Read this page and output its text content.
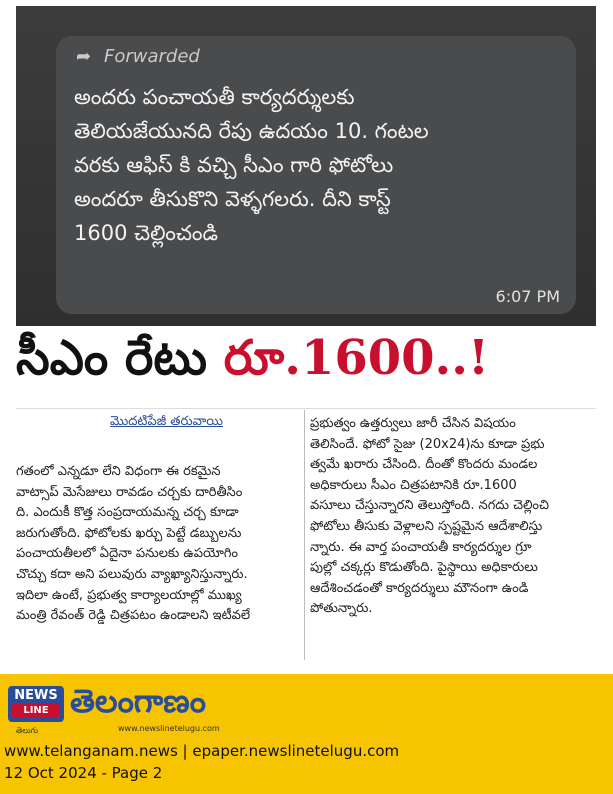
➦ Forwarded
అందరు పంచాయతీ కార్యదర్శులకు
తెలియజేయునది రేపు ఉదయం 10. గంటల
వరకు ఆఫిస్ కి వచ్చి సీఎం గారి ఫోటోలు
అందరూ తీసుకొని వెళ్ళగలరు. దీని కాస్ట్
1600 చెల్లించండి
6:07 PM
సీఎం రేటు రూ.1600..!
మొదటిపేజీ తరువాయి
గతంలో ఎన్నడూ లేని విధంగా ఈ రకమైన
వాట్సాప్ మెసేజులు రావడం చర్చకు దారితీసిం
ది. ఎందుకీ కొత్త సంప్రదాయమన్న చర్చ కూడా
జరుగుతోంది. ఫోటోలకు ఖర్చు పెట్టే డబ్బులను
పంచాయతీలలో ఏదైనా పనులకు ఉపయోగిం
చొచ్చు కదా అని పలువురు వ్యాఖ్యానిస్తున్నారు.
ఇదిలా ఉంటే, ప్రభుత్వ కార్యాలయాల్లో ముఖ్య
మంత్రి రేవంత్ రెడ్డి చిత్రపటం ఉండాలని ఇటీవలే
ప్రభుత్వం ఉత్తర్వులు జారీ చేసిన విషయం
తెలిసిందే. ఫోటో సైజు (20x24)ను కూడా ప్రభు
త్వమే ఖరారు చేసింది. దీంతో కొందరు మండల
అధికారులు సీఎం చిత్రపటానికి రూ.1600
వసూలు చేస్తున్నారని తెలుస్తోంది. నగదు చెల్లించి
ఫోటోలు తీసుకు వెళ్లాలని స్పష్టమైన ఆదేశాలిస్తు
న్నారు. ఈ వార్త పంచాయతీ కార్యదర్శుల గ్రూ
పుల్లో చక్కర్లు కొడుతోంది. పైస్థాయి అధికారులు
ఆదేశించడంతో కార్యదర్శులు మౌనంగా ఉండి
పోతున్నారు.
NEWS
LINE
తెలుగు
తెలంగాణం
www.newslinetelugu.com
www.telanganam.news | epaper.newslinetelugu.com
12 Oct 2024 - Page 2
